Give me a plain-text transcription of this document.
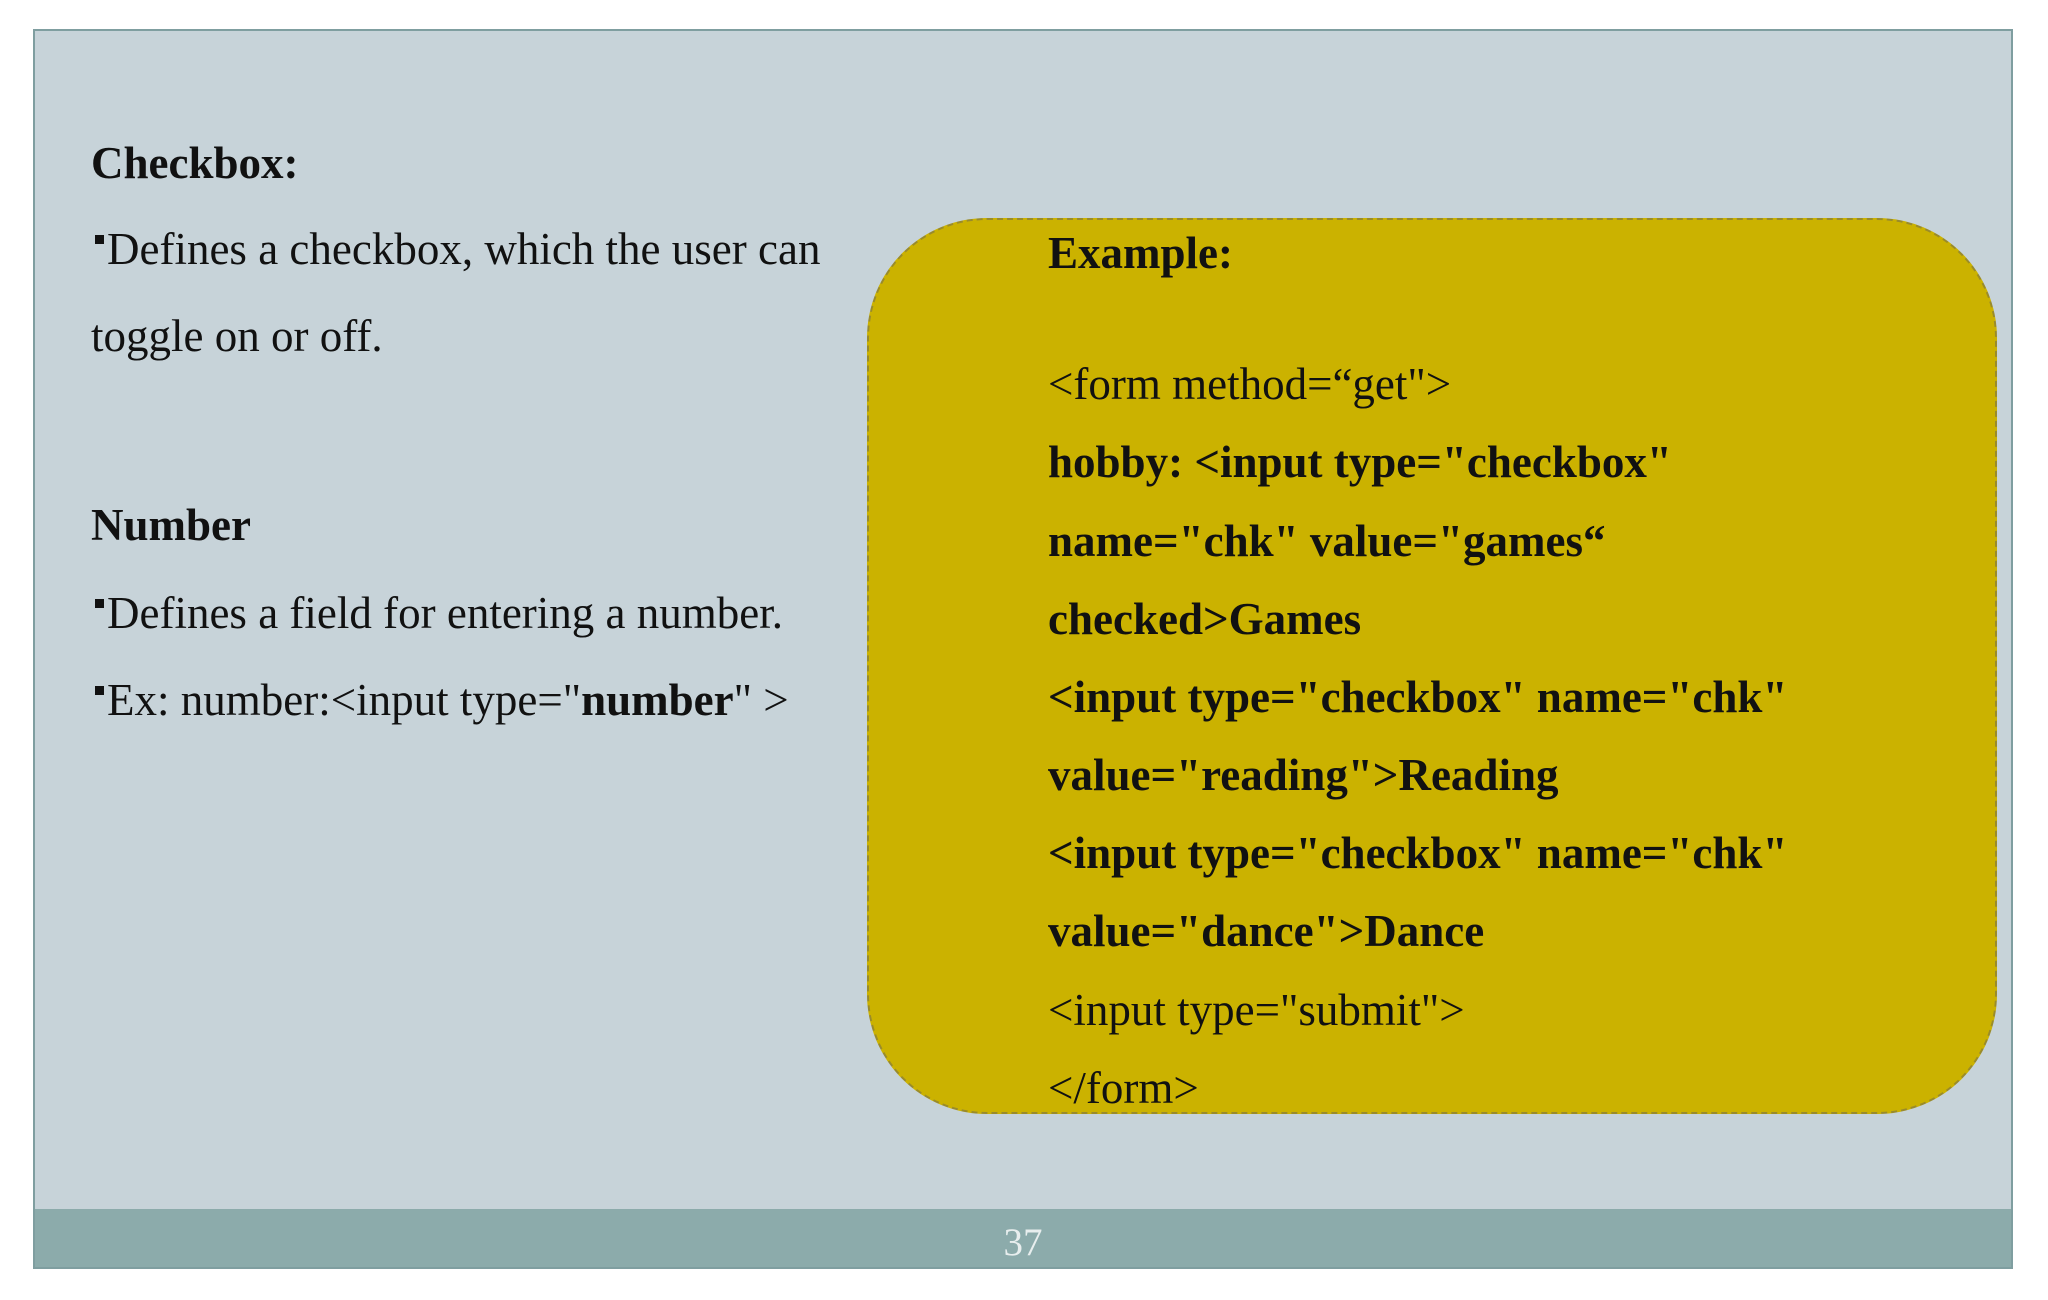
Checkbox:
Defines a checkbox, which the user can
toggle on or off.
Number
Defines a field for entering a number.
Ex: number:<input type="number" >
Example:
<form method=“get">
hobby: <input type="checkbox"
name="chk" value="games“
checked>Games
<input type="checkbox" name="chk"
value="reading">Reading
<input type="checkbox" name="chk"
value="dance">Dance
<input type="submit">
</form>
37
